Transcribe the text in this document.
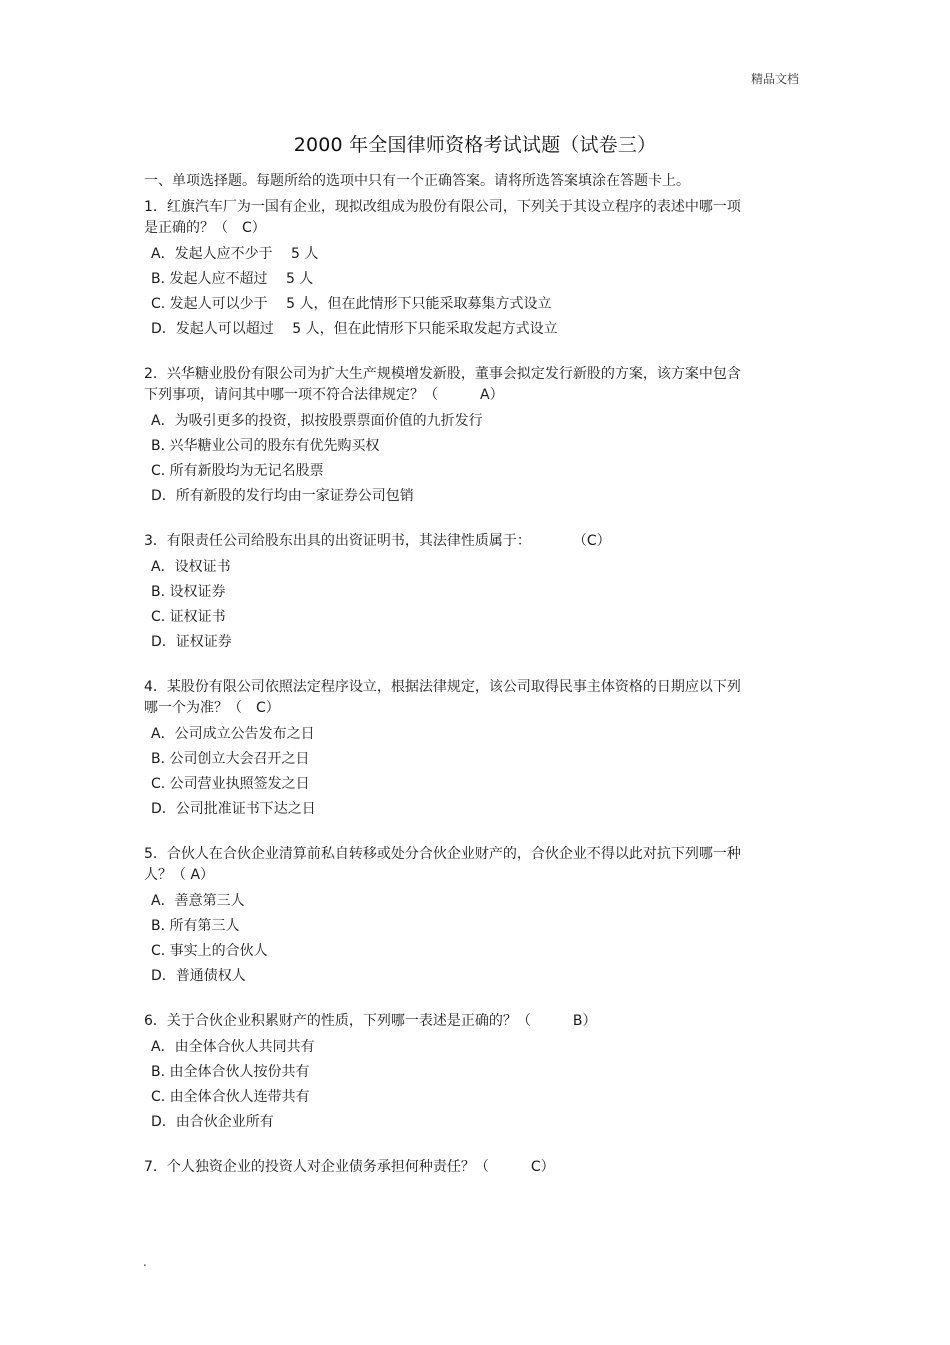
精品文档
2000 年全国律师资格考试试题（试卷三）
一、单项选择题。每题所给的选项中只有一个正确答案。请将所选答案填涂在答题卡上。
1．红旗汽车厂为一国有企业，现拟改组成为股份有限公司，下列关于其设立程序的表述中哪一项是正确的？（　C）
A．发起人应不少于　 5 人
B. 发起人应不超过　 5 人
C. 发起人可以少于　 5 人，但在此情形下只能采取募集方式设立
D．发起人可以超过　 5 人，但在此情形下只能采取发起方式设立
2．兴华糖业股份有限公司为扩大生产规模增发新股，董事会拟定发行新股的方案，该方案中包含下列事项，请问其中哪一项不符合法律规定？（　　　A）
A．为吸引更多的投资，拟按股票票面价值的九折发行
B. 兴华糖业公司的股东有优先购买权
C. 所有新股均为无记名股票
D．所有新股的发行均由一家证券公司包销
3．有限责任公司给股东出具的出资证明书，其法律性质属于：　　　　（C）
A．设权证书
B. 设权证券
C. 证权证书
D．证权证券
4．某股份有限公司依照法定程序设立，根据法律规定，该公司取得民事主体资格的日期应以下列哪一个为准？（　C）
A．公司成立公告发布之日
B. 公司创立大会召开之日
C. 公司营业执照签发之日
D．公司批准证书下达之日
5．合伙人在合伙企业清算前私自转移或处分合伙企业财产的，合伙企业不得以此对抗下列哪一种人？（ A）
A．善意第三人
B. 所有第三人
C. 事实上的合伙人
D．普通债权人
6．关于合伙企业积累财产的性质，下列哪一表述是正确的？（　　　B）
A．由全体合伙人共同共有
B. 由全体合伙人按份共有
C. 由全体合伙人连带共有
D．由合伙企业所有
7．个人独资企业的投资人对企业债务承担何种责任？（　　　C）
.
